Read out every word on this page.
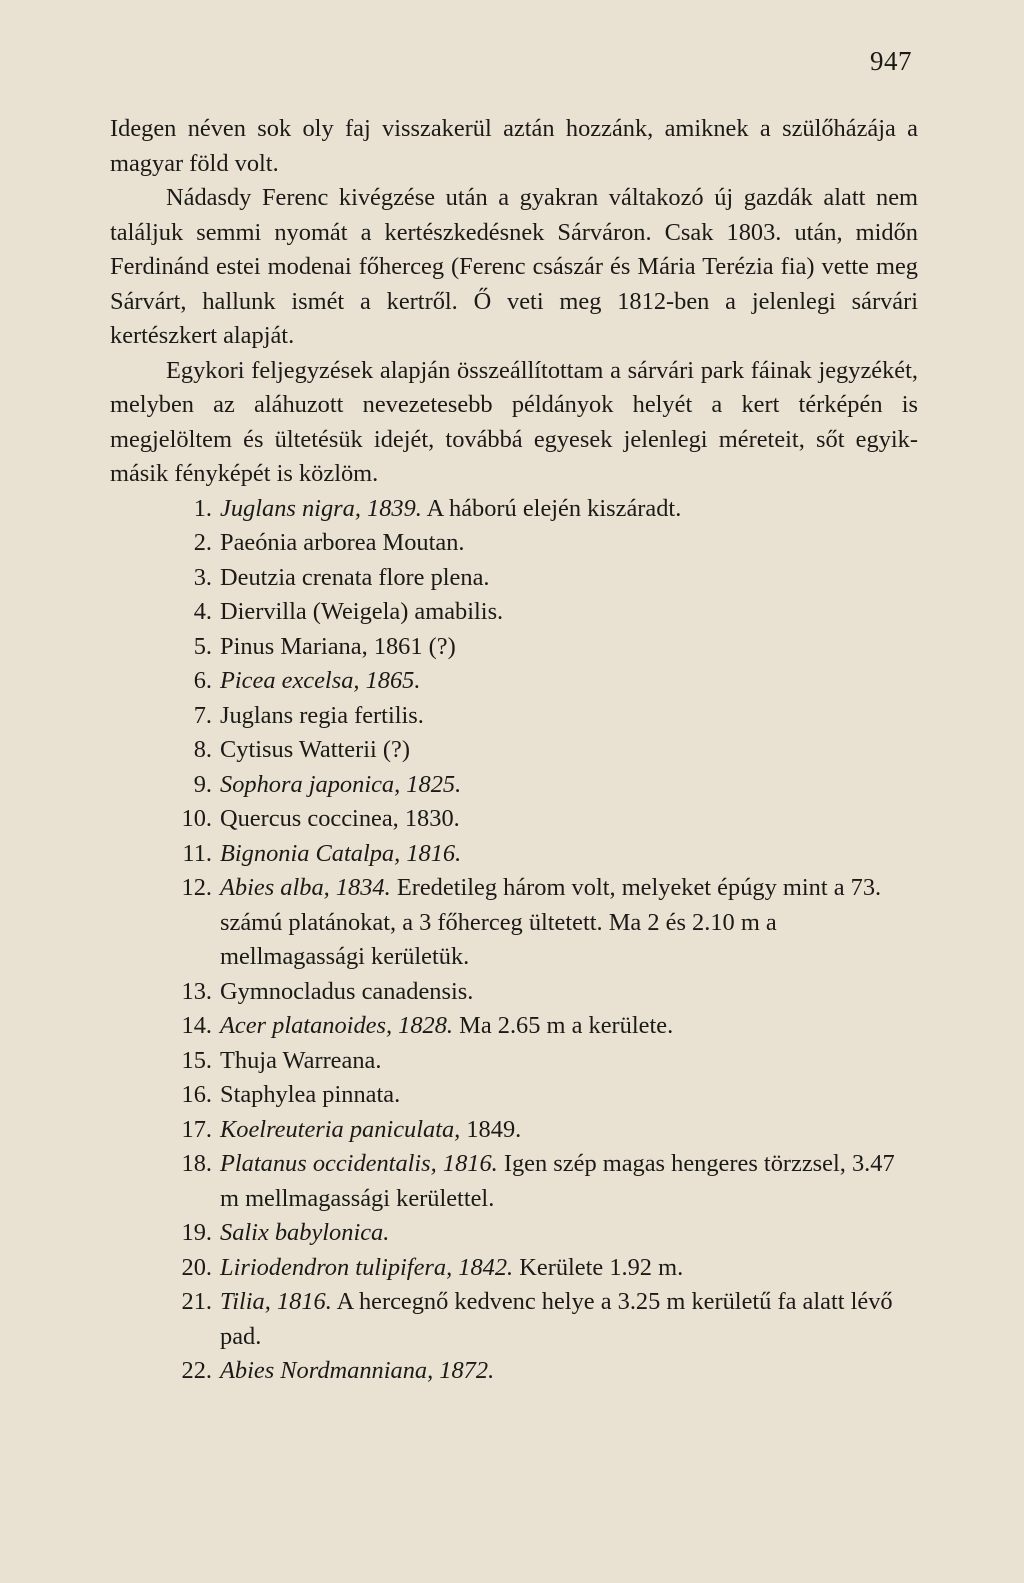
947

Idegen néven sok oly faj visszakerül aztán hozzánk, amiknek a szülőházája a magyar föld volt.

Nádasdy Ferenc kivégzése után a gyakran váltakozó új gazdák alatt nem találjuk semmi nyomát a kertészkedésnek Sárváron. Csak 1803. után, midőn Ferdinánd estei modenai főherceg (Ferenc császár és Mária Terézia fia) vette meg Sárvárt, hallunk ismét a kertről. Ő veti meg 1812-ben a jelenlegi sárvári kertészkert alapját.

Egykori feljegyzések alapján összeállítottam a sárvári park fáinak jegyzékét, melyben az aláhuzott nevezetesebb példányok helyét a kert térképén is megjelöltem és ültetésük idejét, továbbá egyesek jelenlegi méreteit, sőt egyik-másik fényképét is közlöm.

1. Juglans nigra, 1839. A háború elején kiszáradt.
2. Paeónia arborea Moutan.
3. Deutzia crenata flore plena.
4. Diervilla (Weigela) amabilis.
5. Pinus Mariana, 1861 (?)
6. Picea excelsa, 1865.
7. Juglans regia fertilis.
8. Cytisus Watterii (?)
9. Sophora japonica, 1825.
10. Quercus coccinea, 1830.
11. Bignonia Catalpa, 1816.
12. Abies alba, 1834. Eredetileg három volt, melyeket épúgy mint a 73. számú platánokat, a 3 főherceg ültetett. Ma 2 és 2.10 m a mellmagassági kerületük.
13. Gymnocladus canadensis.
14. Acer platanoides, 1828. Ma 2.65 m a kerülete.
15. Thuja Warreana.
16. Staphylea pinnata.
17. Koelreuteria paniculata, 1849.
18. Platanus occidentalis, 1816. Igen szép magas hengeres törzzsel, 3.47 m mellmagassági kerülettel.
19. Salix babylonica.
20. Liriodendron tulipifera, 1842. Kerülete 1.92 m.
21. Tilia, 1816. A hercegnő kedvenc helye a 3.25 m kerületű fa alatt lévő pad.
22. Abies Nordmanniana, 1872.
